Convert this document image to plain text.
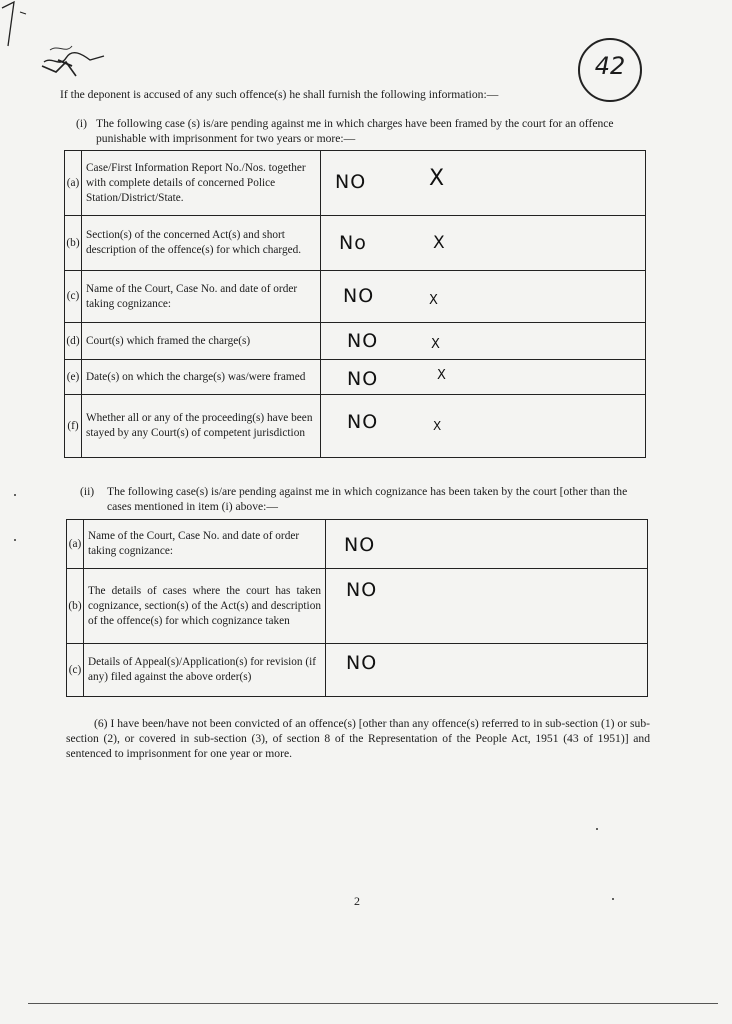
42
If the deponent is accused of any such offence(s) he shall furnish the following information:—
(i) The following case (s) is/are pending against me in which charges have been framed by the court for an offence punishable with imprisonment for two years or more:—
(a)	Case/First Information Report No./Nos. together with complete details of concerned Police Station/District/State.	NO X

(b)	Section(s) of the concerned Act(s) and short description of the offence(s) for which charged.	No X

(c)	Name of the Court, Case No. and date of order taking cognizance:	NO X

(d)	Court(s) which framed the charge(s)	NO X

(e)	Date(s) on which the charge(s) was/were framed	NO X

(f)	Whether all or any of the proceeding(s) have been stayed by any Court(s) of competent jurisdiction	NO X
(ii) The following case(s) is/are pending against me in which cognizance has been taken by the court [other than the cases mentioned in item (i) above:—
(a)	Name of the Court, Case No. and date of order taking cognizance:	NO

(b)	The details of cases where the court has taken cognizance, section(s) of the Act(s) and description of the offence(s) for which cognizance taken	NO

(c)	Details of Appeal(s)/Application(s) for revision (if any) filed against the above order(s)	NO
(6) I have been/have not been convicted of an offence(s) [other than any offence(s) referred to in sub-section (1) or sub-section (2), or covered in sub-section (3), of section 8 of the Representation of the People Act, 1951 (43 of 1951)] and sentenced to imprisonment for one year or more.
2
